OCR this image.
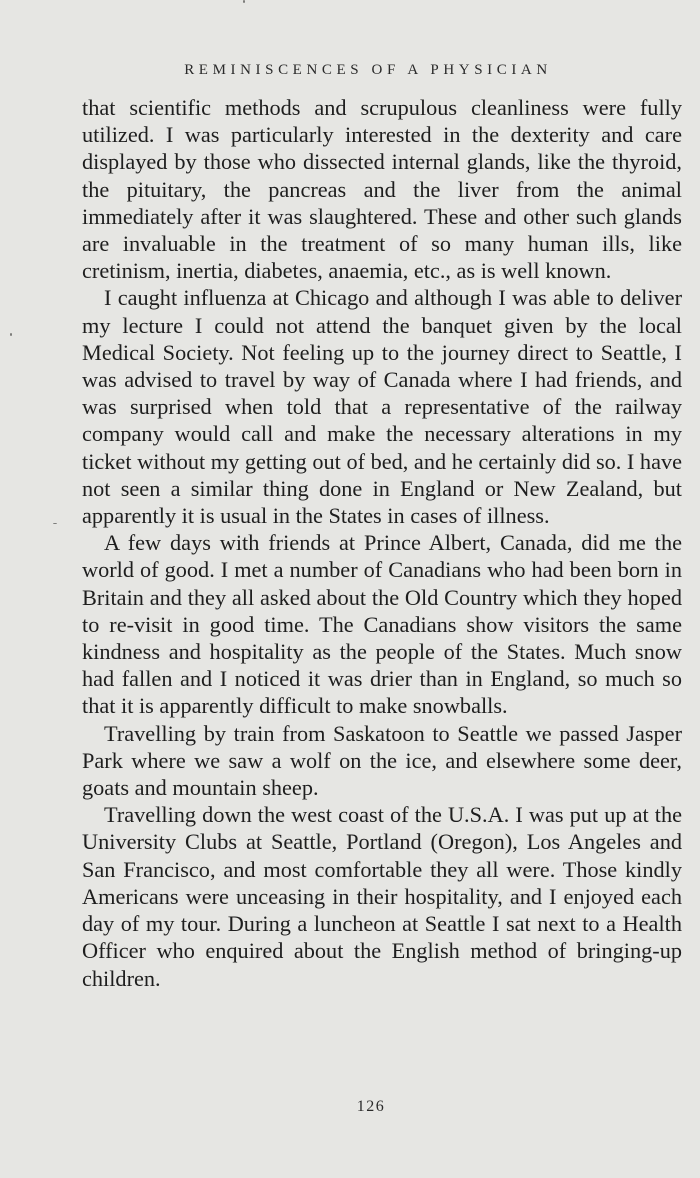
REMINISCENCES OF A PHYSICIAN

that scientific methods and scrupulous cleanliness were fully utilized. I was particularly interested in the dexterity and care displayed by those who dissected internal glands, like the thyroid, the pituitary, the pancreas and the liver from the animal immediately after it was slaughtered. These and other such glands are invaluable in the treatment of so many human ills, like cretinism, inertia, diabetes, anaemia, etc., as is well known.

I caught influenza at Chicago and although I was able to deliver my lecture I could not attend the banquet given by the local Medical Society. Not feeling up to the journey direct to Seattle, I was advised to travel by way of Canada where I had friends, and was surprised when told that a representative of the railway company would call and make the necessary alterations in my ticket without my getting out of bed, and he certainly did so. I have not seen a similar thing done in England or New Zealand, but apparently it is usual in the States in cases of illness.

A few days with friends at Prince Albert, Canada, did me the world of good. I met a number of Canadians who had been born in Britain and they all asked about the Old Country which they hoped to re-visit in good time. The Canadians show visitors the same kindness and hospitality as the people of the States. Much snow had fallen and I noticed it was drier than in England, so much so that it is apparently difficult to make snowballs.

Travelling by train from Saskatoon to Seattle we passed Jasper Park where we saw a wolf on the ice, and elsewhere some deer, goats and mountain sheep.

Travelling down the west coast of the U.S.A. I was put up at the University Clubs at Seattle, Portland (Oregon), Los Angeles and San Francisco, and most comfortable they all were. Those kindly Americans were unceasing in their hospitality, and I enjoyed each day of my tour. During a luncheon at Seattle I sat next to a Health Officer who enquired about the English method of bringing-up children.

126
